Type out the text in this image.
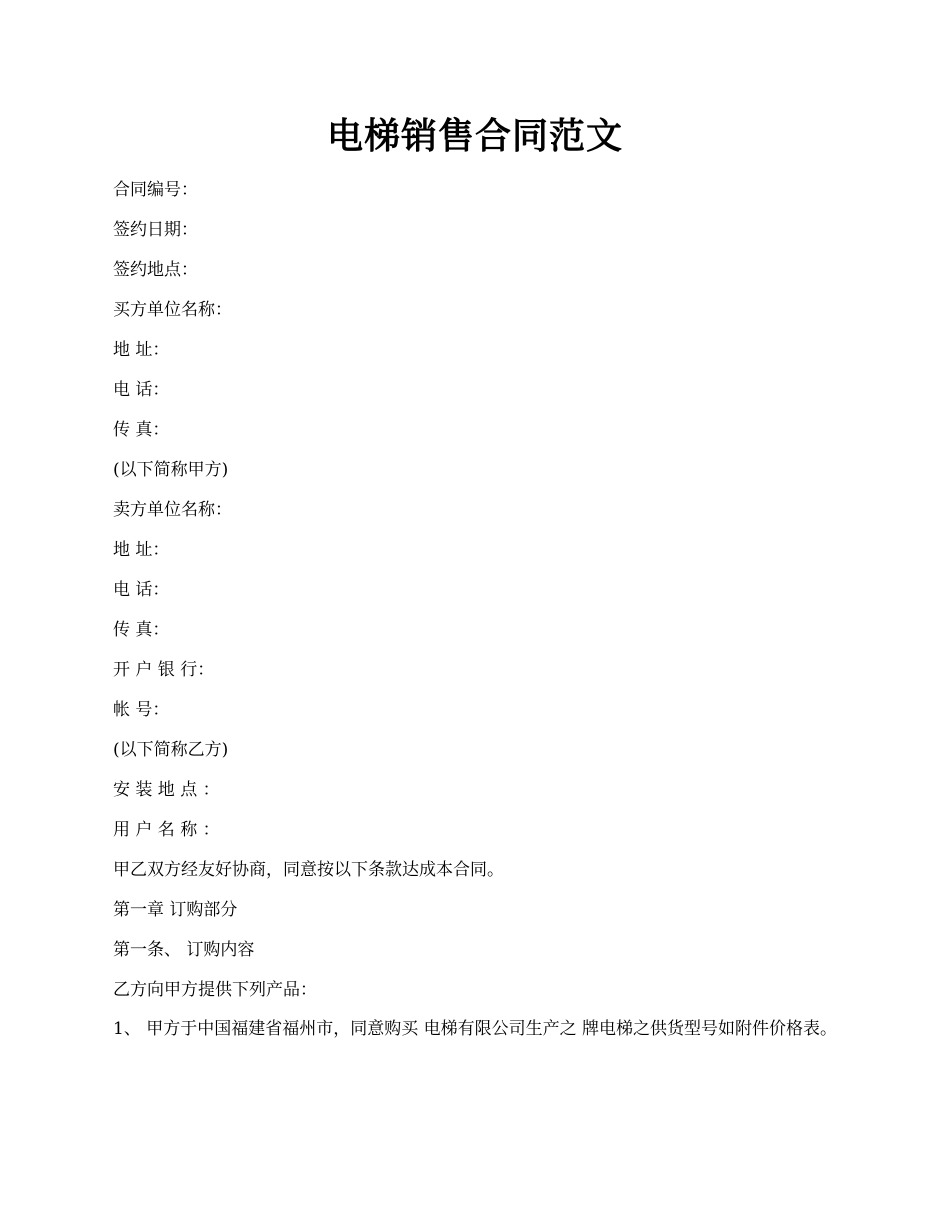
电梯销售合同范文
合同编号：
签约日期：
签约地点：
买方单位名称：
地 址：
电 话：
传 真：
(以下简称甲方)
卖方单位名称：
地 址：
电 话：
传 真：
开 户 银 行：
帐 号：
(以下简称乙方)
安 装 地 点 ：
用 户 名 称 ：
甲乙双方经友好协商，同意按以下条款达成本合同。
第一章 订购部分
第一条、 订购内容
乙方向甲方提供下列产品：
1、 甲方于中国福建省福州市，同意购买 电梯有限公司生产之 牌电梯之供货型号如附件价格表。
